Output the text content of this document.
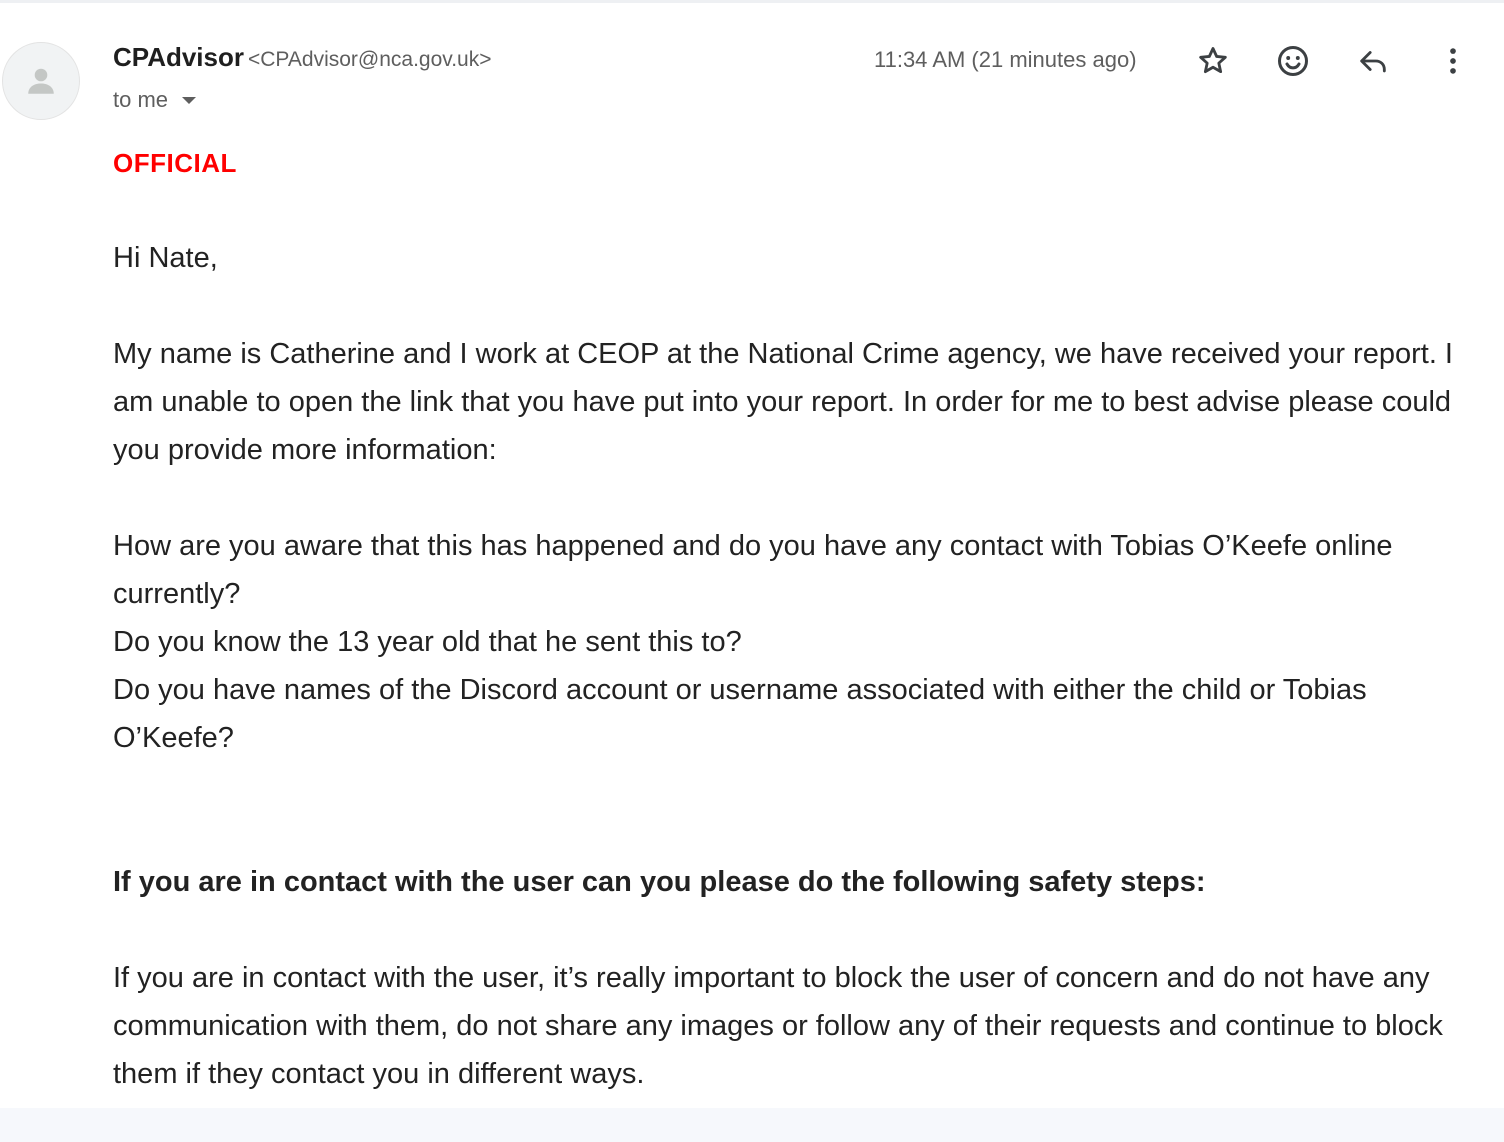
CPAdvisor <CPAdvisor@nca.gov.uk>
to me
11:34 AM (21 minutes ago)
OFFICIAL

Hi Nate,

My name is Catherine and I work at CEOP at the National Crime agency, we have received your report. I am unable to open the link that you have put into your report. In order for me to best advise please could you provide more information:

How are you aware that this has happened and do you have any contact with Tobias O’Keefe online currently?

Do you know the 13 year old that he sent this to?

Do you have names of the Discord account or username associated with either the child or Tobias O’Keefe?

If you are in contact with the user can you please do the following safety steps:

If you are in contact with the user, it’s really important to block the user of concern and do not have any communication with them, do not share any images or follow any of their requests and continue to block them if they contact you in different ways.
